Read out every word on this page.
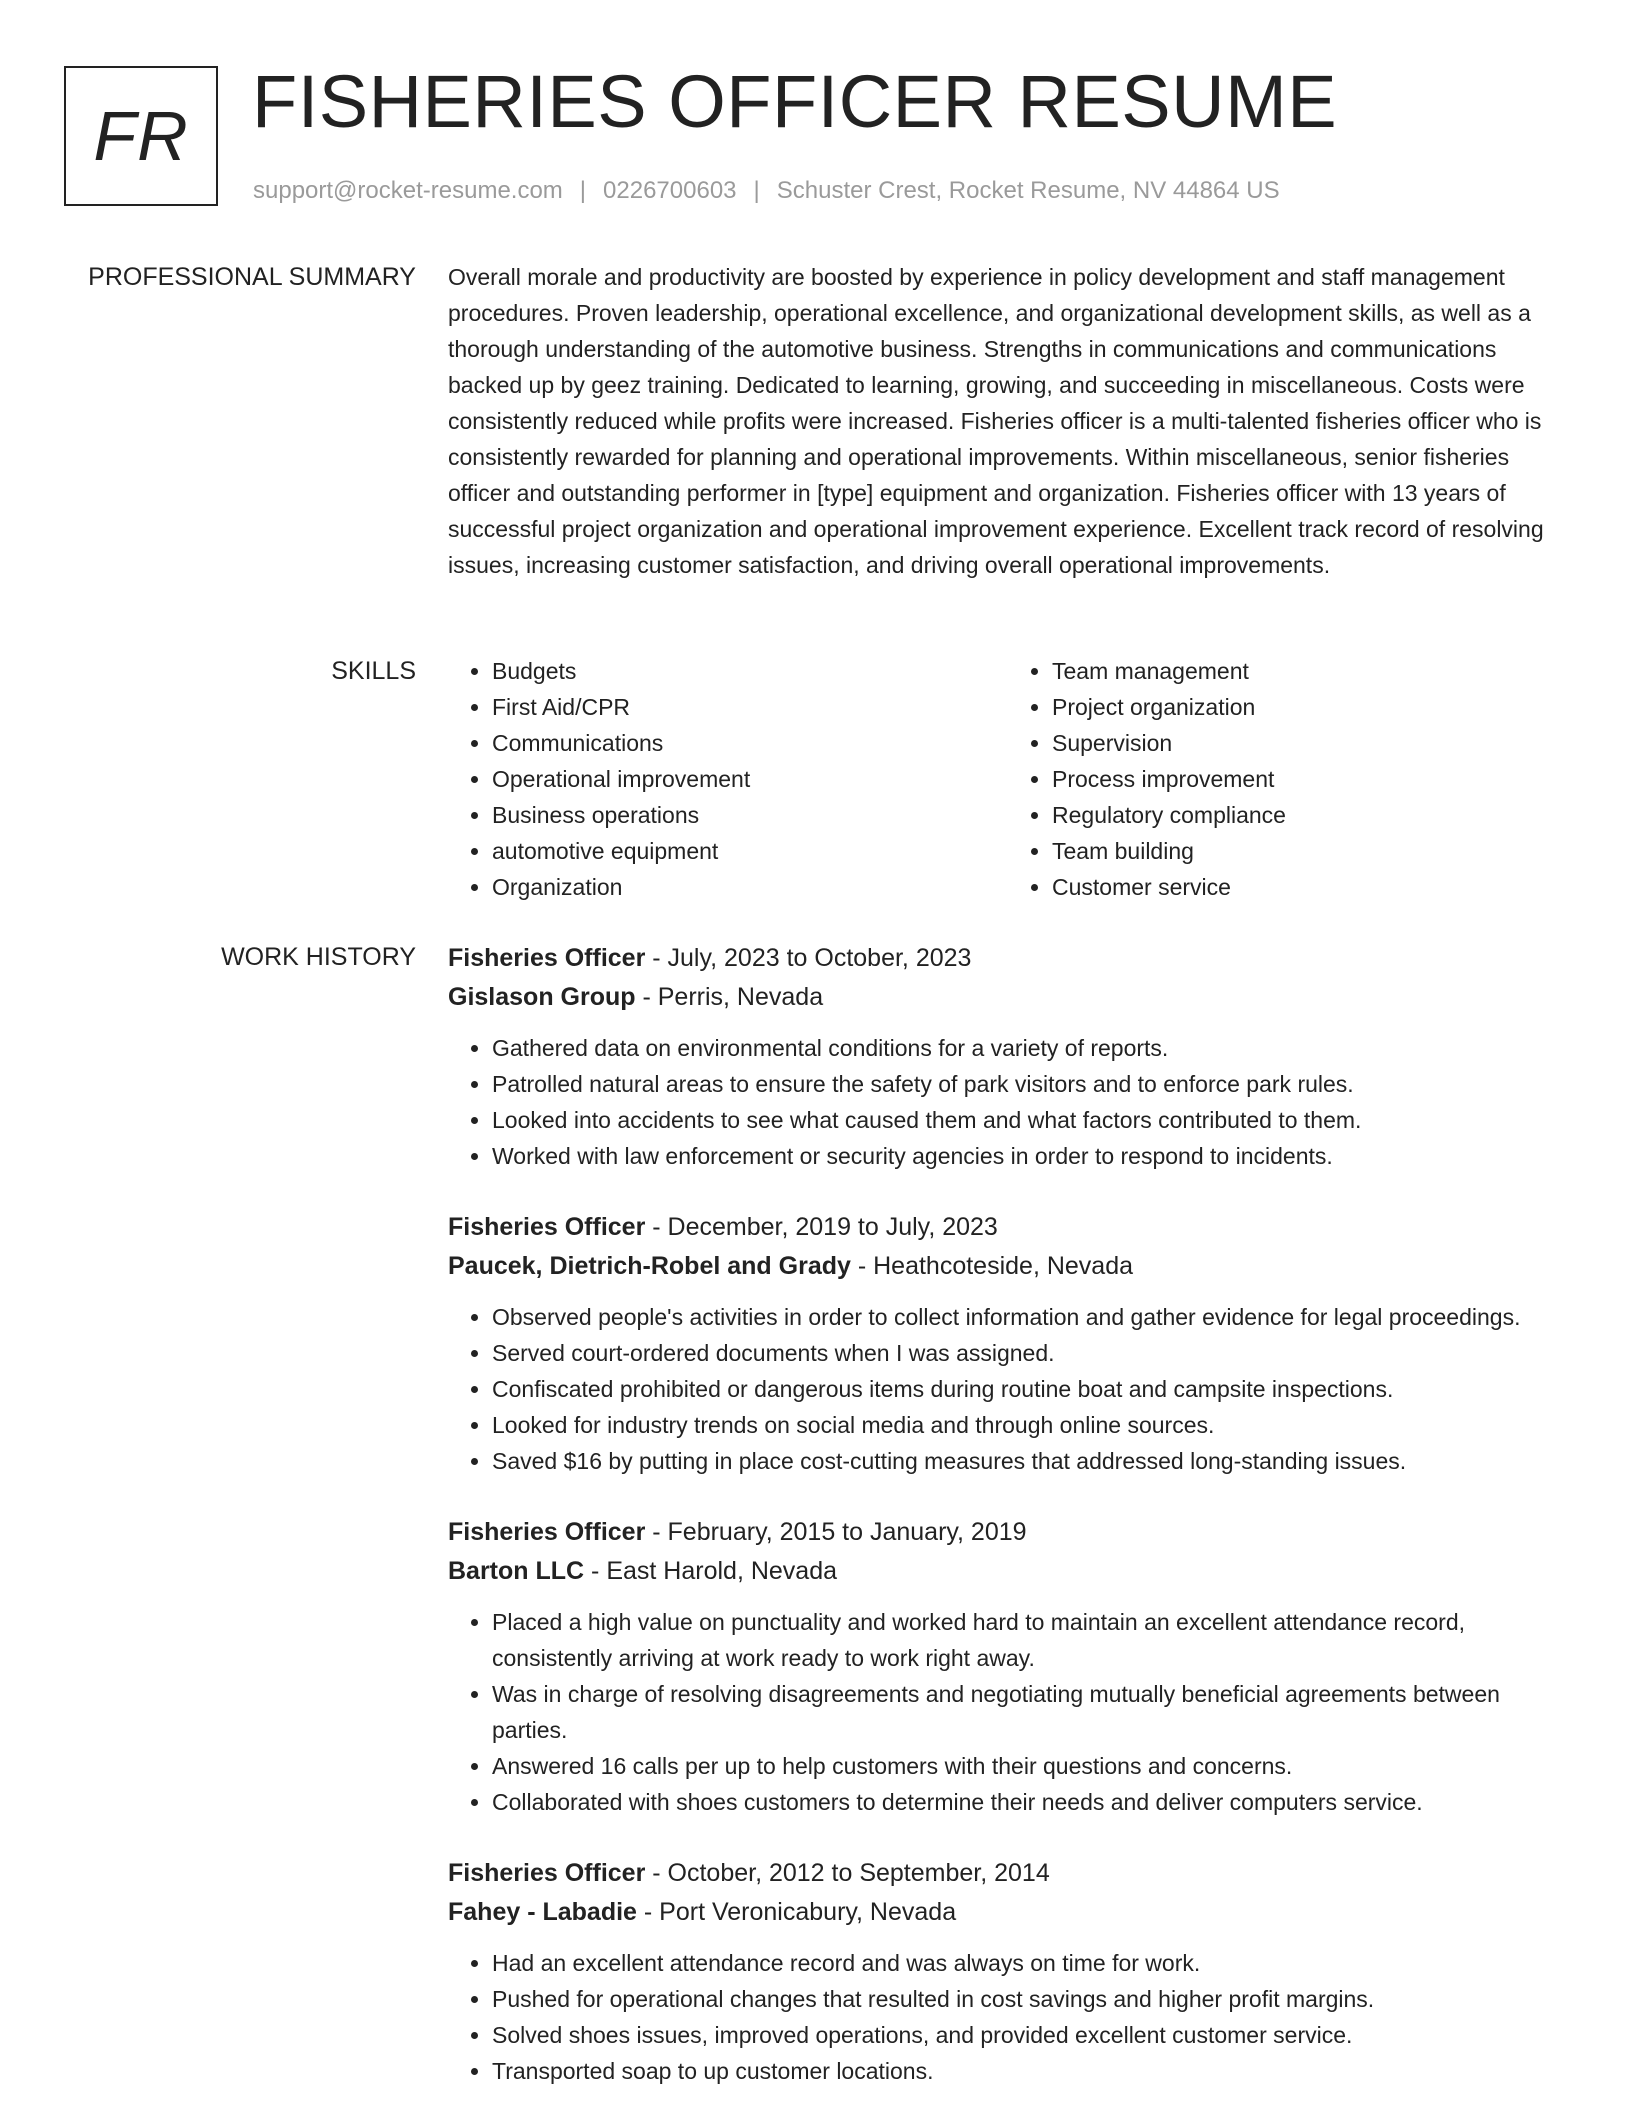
FR FISHERIES OFFICER RESUME
support@rocket-resume.com | 0226700603 | Schuster Crest, Rocket Resume, NV 44864 US
PROFESSIONAL SUMMARY Overall morale and productivity are boosted by experience in policy development and staff management procedures. Proven leadership, operational excellence, and organizational development skills, as well as a thorough understanding of the automotive business. Strengths in communications and communications backed up by geez training. Dedicated to learning, growing, and succeeding in miscellaneous. Costs were consistently reduced while profits were increased. Fisheries officer is a multi-talented fisheries officer who is consistently rewarded for planning and operational improvements. Within miscellaneous, senior fisheries officer and outstanding performer in [type] equipment and organization. Fisheries officer with 13 years of successful project organization and operational improvement experience. Excellent track record of resolving issues, increasing customer satisfaction, and driving overall operational improvements.

SKILLS
•	Budgets
• First Aid/CPR
• Communications
• Operational improvement
• Business operations
• automotive equipment
• Organization
• Team management
• Project organization
• Supervision
• Process improvement
• Regulatory compliance
• Team building
• Customer service
WORK HISTORY Fisheries Officer - July, 2023 to October, 2023
Gislason Group - Perris, Nevada
• Gathered data on environmental conditions for a variety of reports.
• Patrolled natural areas to ensure the safety of park visitors and to enforce park rules.
• Looked into accidents to see what caused them and what factors contributed to them.
• Worked with law enforcement or security agencies in order to respond to incidents.
Fisheries Officer - December, 2019 to July, 2023
Paucek, Dietrich-Robel and Grady - Heathcoteside, Nevada
• Observed people's activities in order to collect information and gather evidence for legal proceedings.
• Served court-ordered documents when I was assigned.
• Confiscated prohibited or dangerous items during routine boat and campsite inspections.
• Looked for industry trends on social media and through online sources.
• Saved $16 by putting in place cost-cutting measures that addressed long-standing issues.
Fisheries Officer - February, 2015 to January, 2019
Barton LLC - East Harold, Nevada
• Placed a high value on punctuality and worked hard to maintain an excellent attendance record, consistently arriving at work ready to work right away.
• Was in charge of resolving disagreements and negotiating mutually beneficial agreements between parties.
• Answered 16 calls per up to help customers with their questions and concerns.
• Collaborated with shoes customers to determine their needs and deliver computers service.
Fisheries Officer - October, 2012 to September, 2014
Fahey - Labadie - Port Veronicabury, Nevada
• Had an excellent attendance record and was always on time for work.
• Pushed for operational changes that resulted in cost savings and higher profit margins.
• Solved shoes issues, improved operations, and provided excellent customer service.
• Transported soap to up customer locations.
